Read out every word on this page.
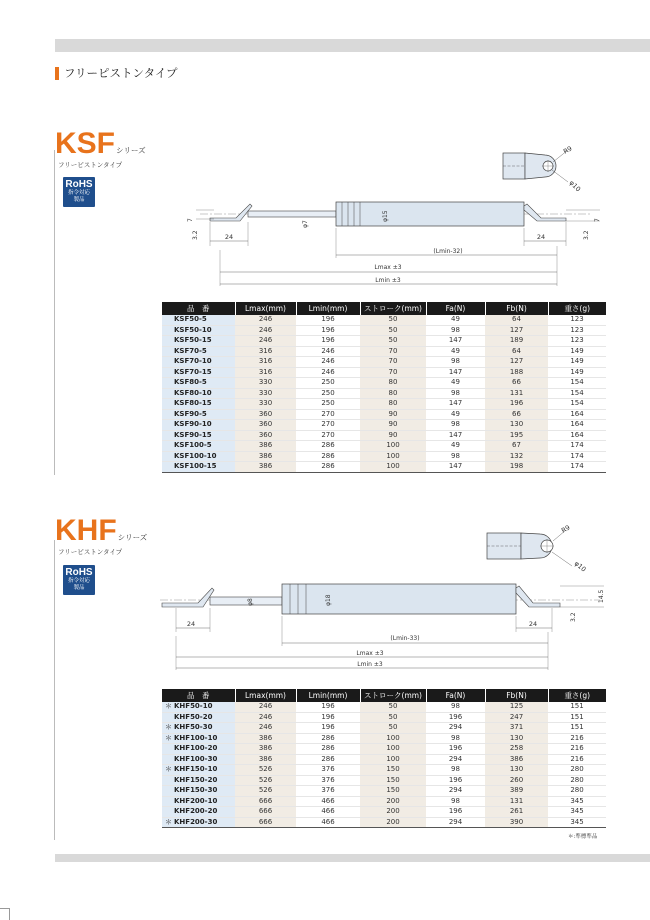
フリーピストンタイプ
KSF シリーズ
フリーピストンタイプ
RoHS
指令対応
製品
R9
φ10
φ15
φ7
7
3.2
7
3.2
24	24
(Lmin-32)
Lmax ±3
Lmin ±3
品　番	Lmax(mm)	Lmin(mm)	ストローク(mm)	Fa(N)	Fb(N)	重さ(g)

KSF50-5	246	196	50	49	64	123

KSF50-10	246	196	50	98	127	123

KSF50-15	246	196	50	147	189	123

KSF70-5	316	246	70	49	64	149

KSF70-10	316	246	70	98	127	149

KSF70-15	316	246	70	147	188	149

KSF80-5	330	250	80	49	66	154

KSF80-10	330	250	80	98	131	154

KSF80-15	330	250	80	147	196	154

KSF90-5	360	270	90	49	66	164

KSF90-10	360	270	90	98	130	164

KSF90-15	360	270	90	147	195	164

KSF100-5	386	286	100	49	67	174

KSF100-10	386	286	100	98	132	174

KSF100-15	386	286	100	147	198	174
KHF シリーズ
フリーピストンタイプ
RoHS
指令対応
製品
R9
φ10
φ18
φ8	14.5
3.2
24	24
(Lmin-33)
Lmax ±3
Lmin ±3
品　番	Lmax(mm)	Lmin(mm)	ストローク(mm)	Fa(N)	Fb(N)	重さ(g)

＊ KHF50-10	246	196	50	98	125	151

KHF50-20	246	196	50	196	247	151

＊ KHF50-30	246	196	50	294	371	151

＊ KHF100-10	386	286	100	98	130	216

KHF100-20	386	286	100	196	258	216

KHF100-30	386	286	100	294	386	216

＊ KHF150-10	526	376	150	98	130	280

KHF150-20	526	376	150	196	260	280

KHF150-30	526	376	150	294	389	280

KHF200-10	666	466	200	98	131	345

KHF200-20	666	466	200	196	261	345

＊ KHF200-30	666	466	200	294	390	345
＊:準標準品
